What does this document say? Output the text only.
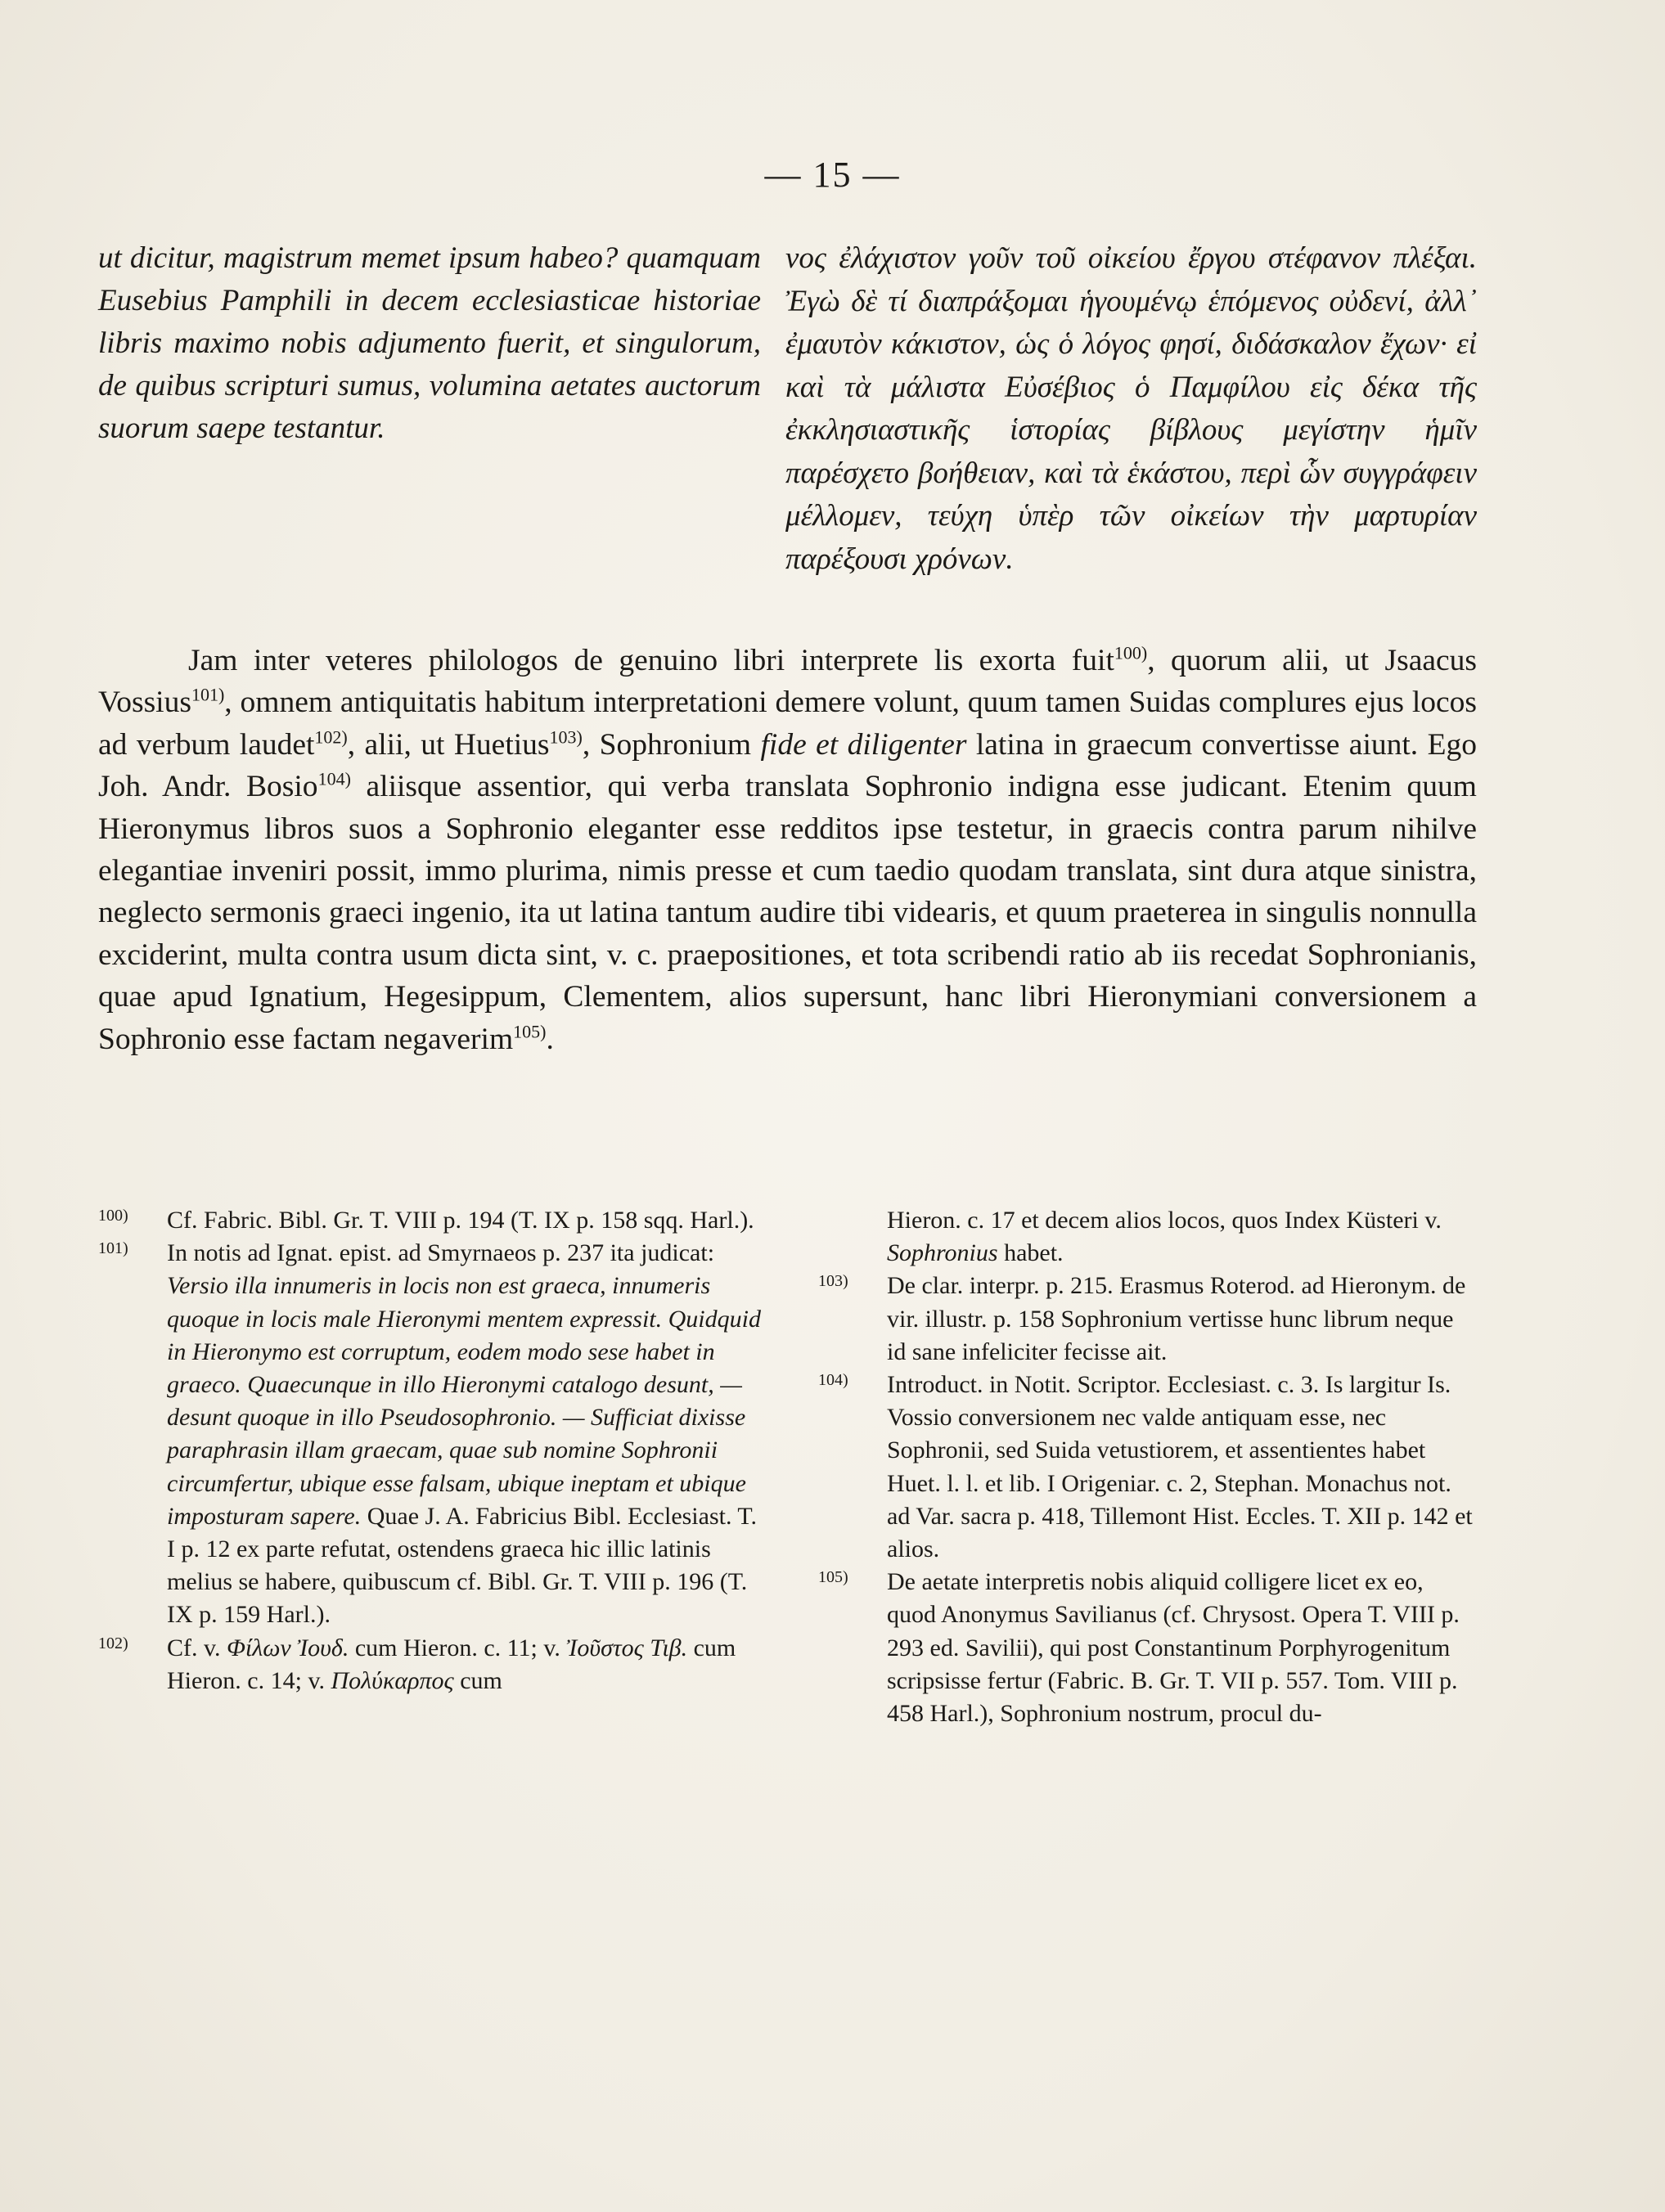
— 15 —

ut dicitur, magistrum memet ipsum habeo? quamquam Eusebius Pamphili in decem ecclesiasticae historiae libris maximo nobis adjumento fuerit, et singulorum, de quibus scripturi sumus, volumina aetates auctorum suorum saepe testantur.

νος ἐλάχιστον γοῦν τοῦ οἰκείου ἔργου στέφανον πλέξαι. Ἐγὼ δὲ τί διαπράξομαι ἡγουμένῳ ἑπόμενος οὐδενί, ἀλλ᾽ ἐμαυτὸν κάκιστον, ὡς ὁ λόγος φησί, διδάσκαλον ἔχων· εἰ καὶ τὰ μάλιστα Εὐσέβιος ὁ Παμφίλου εἰς δέκα τῆς ἐκκλησιαστικῆς ἱστορίας βίβλους μεγίστην ἡμῖν παρέσχετο βοήθειαν, καὶ τὰ ἑκάστου, περὶ ὧν συγγράφειν μέλλομεν, τεύχη ὑπὲρ τῶν οἰκείων τὴν μαρτυρίαν παρέξουσι χρόνων.

Jam inter veteres philologos de genuino libri interprete lis exorta fuit$^{100)}$, quorum alii, ut Jsaacus Vossius$^{101)}$, omnem antiquitatis habitum interpretationi demere volunt, quum tamen Suidas complures ejus locos ad verbum laudet$^{102)}$, alii, ut Huetius$^{103)}$, Sophronium fide et diligenter latina in graecum convertisse aiunt. Ego Joh. Andr. Bosio$^{104)}$ aliisque assentior, qui verba translata Sophronio indigna esse judicant. Etenim quum Hieronymus libros suos a Sophronio eleganter esse redditos ipse testetur, in graecis contra parum nihilve elegantiae inveniri possit, immo plurima, nimis presse et cum taedio quodam translata, sint dura atque sinistra, neglecto sermonis graeci ingenio, ita ut latina tantum audire tibi videaris, et quum praeterea in singulis nonnulla exciderint, multa contra usum dicta sint, v. c. praepositiones, et tota scribendi ratio ab iis recedat Sophronianis, quae apud Ignatium, Hegesippum, Clementem, alios supersunt, hanc libri Hieronymiani conversionem a Sophronio esse factam negaverim$^{105)}$.

100)	Cf. Fabric. Bibl. Gr. T. VIII p. 194 (T. IX p. 158 sqq. Harl.).

101)	In notis ad Ignat. epist. ad Smyrnaeos p. 237 ita judicat: Versio illa innumeris in locis non est graeca, innumeris quoque in locis male Hieronymi mentem expressit. Quidquid in Hieronymo est corruptum, eodem modo sese habet in graeco. Quaecunque in illo Hieronymi catalogo desunt, — desunt quoque in illo Pseudosophronio. — Sufficiat dixisse paraphrasin illam graecam, quae sub nomine Sophronii circumfertur, ubique esse falsam, ubique ineptam et ubique imposturam sapere. Quae J. A. Fabricius Bibl. Ecclesiast. T. I p. 12 ex parte refutat, ostendens graeca hic illic latinis melius se habere, quibuscum cf. Bibl. Gr. T. VIII p. 196 (T. IX p. 159 Harl.).

102)	Cf. v. Φίλων Ἰουδ. cum Hieron. c. 11; v. Ἰοῦστος Τιβ. cum Hieron. c. 14; v. Πολύκαρπος cum

Hieron. c. 17 et decem alios locos, quos Index Küsteri v. Sophronius habet.

103)	De clar. interpr. p. 215. Erasmus Roterod. ad Hieronym. de vir. illustr. p. 158 Sophronium vertisse hunc librum neque id sane infeliciter fecisse ait.

104)	Introduct. in Notit. Scriptor. Ecclesiast. c. 3. Is largitur Is. Vossio conversionem nec valde antiquam esse, nec Sophronii, sed Suida vetustiorem, et assentientes habet Huet. l. l. et lib. I Origeniar. c. 2, Stephan. Monachus not. ad Var. sacra p. 418, Tillemont Hist. Eccles. T. XII p. 142 et alios.

105)	De aetate interpretis nobis aliquid colligere licet ex eo, quod Anonymus Savilianus (cf. Chrysost. Opera T. VIII p. 293 ed. Savilii), qui post Constantinum Porphyrogenitum scripsisse fertur (Fabric. B. Gr. T. VII p. 557. Tom. VIII p. 458 Harl.), Sophronium nostrum, procul du-
